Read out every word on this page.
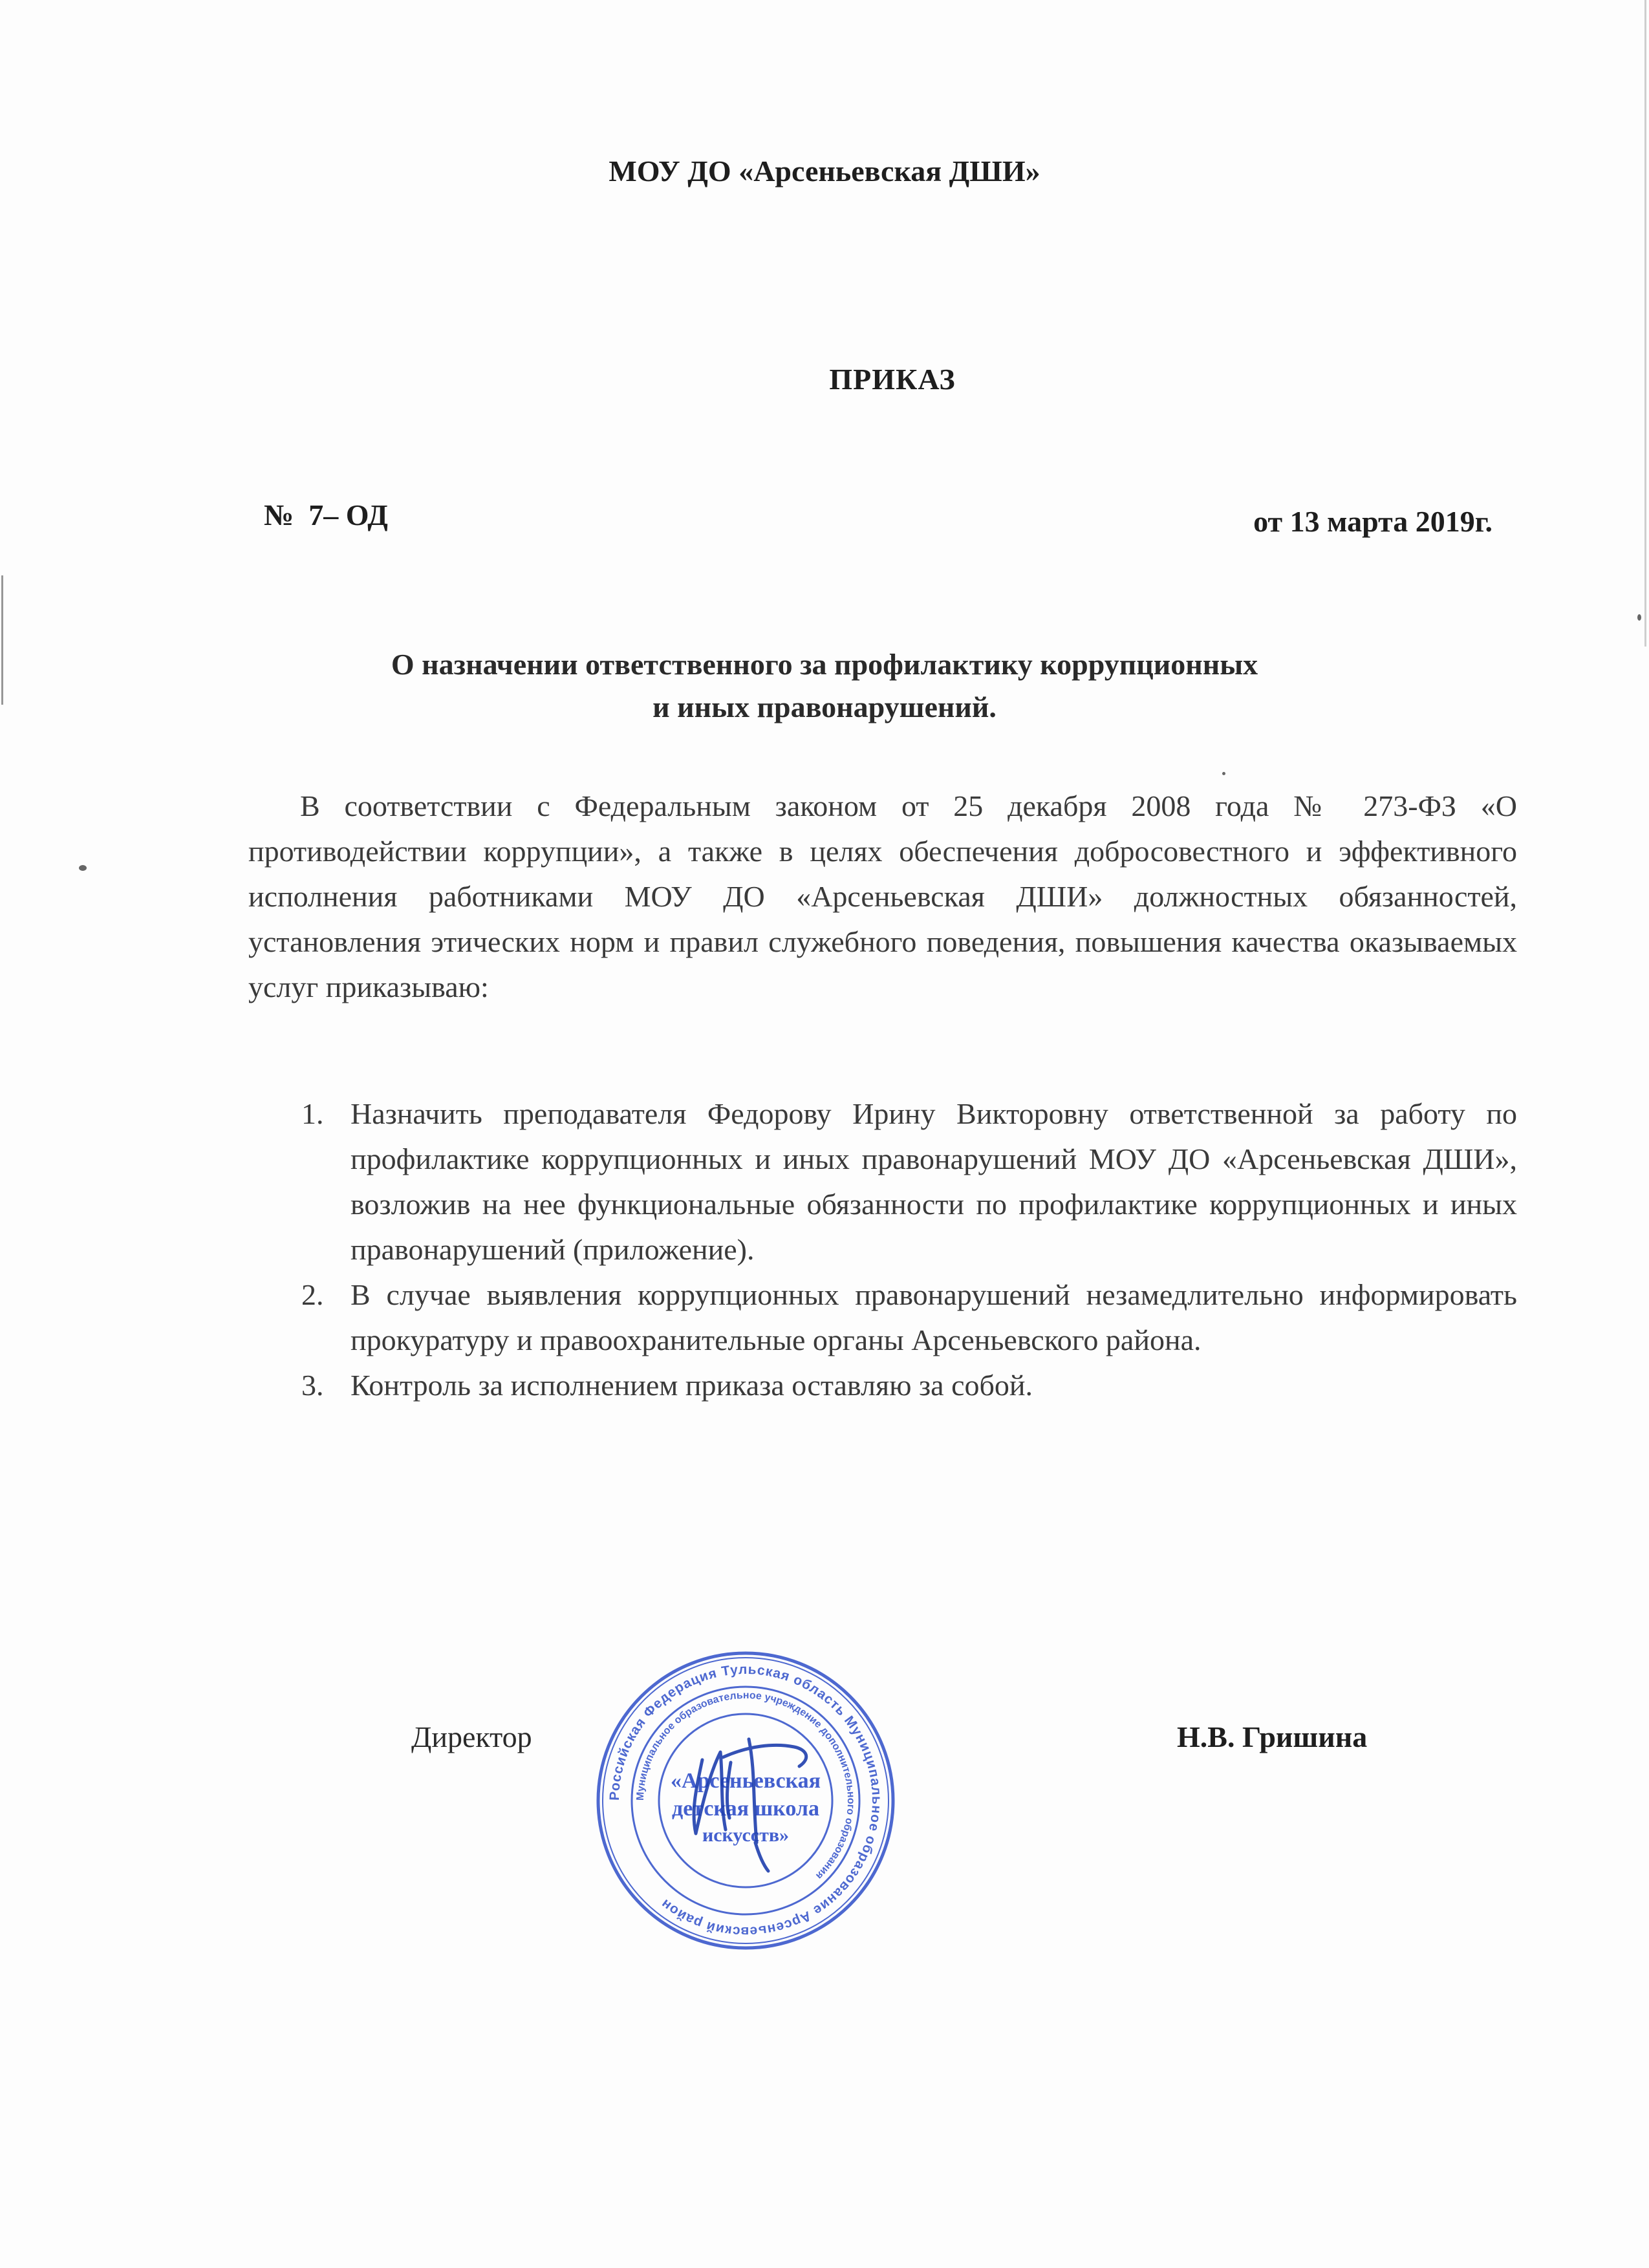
МОУ ДО «Арсеньевская ДШИ»
ПРИКАЗ
№  7– ОД	от 13 марта 2019г.
О назначении ответственного за профилактику коррупционных
и иных правонарушений.

В соответствии с Федеральным законом от 25 декабря 2008 года № 273-ФЗ «О противодействии коррупции», а также в целях обеспечения добросовестного и эффективного исполнения работниками МОУ ДО «Арсеньевская ДШИ» должностных обязанностей, установления этических норм и правил служебного поведения, повышения качества оказываемых услуг приказываю:

1. Назначить преподавателя Федорову Ирину Викторовну ответственной за работу по профилактике коррупционных и иных правонарушений МОУ ДО «Арсеньевская ДШИ», возложив на нее функциональные обязанности по профилактике коррупционных и иных правонарушений (приложение).
2. В случае выявления коррупционных правонарушений незамедлительно информировать прокуратуру и правоохранительные органы Арсеньевского района.
3. Контроль за исполнением приказа оставляю за собой.
Директор	Н.В. Гришина
Российская Федерация Тульская область Муниципальное образование Арсеньевский район
Муниципальное образовательное учреждение дополнительного образования
«Арсеньевская
детская школа
искусств»
